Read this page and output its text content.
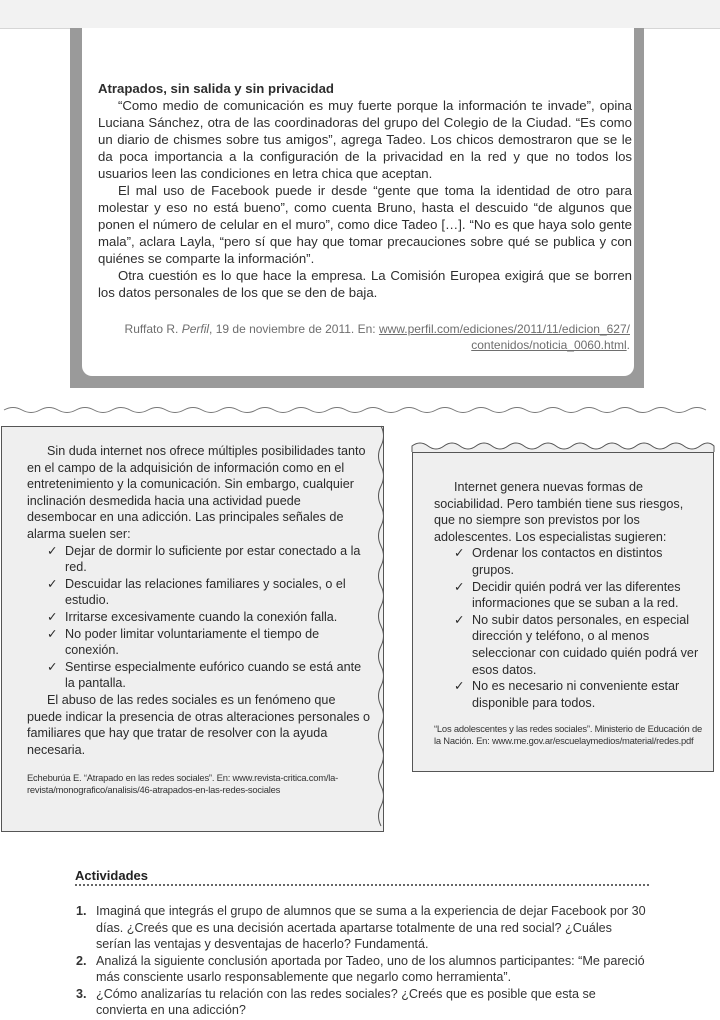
Atrapados, sin salida y sin privacidad

“Como medio de comunicación es muy fuerte porque la información te invade”, opina Luciana Sánchez, otra de las coordinadoras del grupo del Colegio de la Ciudad. “Es como un diario de chismes sobre tus amigos”, agrega Tadeo. Los chicos demostraron que se le da poca importancia a la configuración de la privacidad en la red y que no todos los usuarios leen las condiciones en letra chica que aceptan.

El mal uso de Facebook puede ir desde “gente que toma la identidad de otro para molestar y eso no está bueno”, como cuenta Bruno, hasta el descuido “de algunos que ponen el número de celular en el muro”, como dice Tadeo […]. “No es que haya solo gente mala”, aclara Layla, “pero sí que hay que tomar precauciones sobre qué se publica y con quiénes se comparte la información”.

Otra cuestión es lo que hace la empresa. La Comisión Europea exigirá que se borren los datos personales de los que se den de baja.

Ruffato R. Perfil, 19 de noviembre de 2011. En: www.perfil.com/ediciones/2011/11/edicion_627/
contenidos/noticia_0060.html.

Sin duda internet nos ofrece múltiples posibilidades tanto en el campo de la adquisición de información como en el entretenimiento y la comunicación. Sin embargo, cualquier inclinación desmedida hacia una actividad puede desembocar en una adicción. Las principales señales de alarma suelen ser:

✓ Dejar de dormir lo suficiente por estar conectado a la red.
✓ Descuidar las relaciones familiares y sociales, o el estudio.
✓ Irritarse excesivamente cuando la conexión falla.
✓ No poder limitar voluntariamente el tiempo de conexión.
✓ Sentirse especialmente eufórico cuando se está ante la pantalla.

El abuso de las redes sociales es un fenómeno que puede indicar la presencia de otras alteraciones personales o familiares que hay que tratar de resolver con la ayuda necesaria.

Echeburúa E. “Atrapado en las redes sociales”. En: www.revista-critica.com/la-revista/monografico/analisis/46-atrapados-en-las-redes-sociales

Internet genera nuevas formas de sociabilidad. Pero también tiene sus riesgos, que no siempre son previstos por los adolescentes. Los especialistas sugieren:

✓ Ordenar los contactos en distintos grupos.
✓ Decidir quién podrá ver las diferentes informaciones que se suban a la red.
✓ No subir datos personales, en especial dirección y teléfono, o al menos seleccionar con cuidado quién podrá ver esos datos.
✓ No es necesario ni conveniente estar disponible para todos.

“Los adolescentes y las redes sociales”. Ministerio de Educación de la Nación. En: www.me.gov.ar/escuelaymedios/material/redes.pdf

Actividades
1. Imaginá que integrás el grupo de alumnos que se suma a la experiencia de dejar Facebook por 30 días. ¿Creés que es una decisión acertada apartarse totalmente de una red social? ¿Cuáles serían las ventajas y desventajas de hacerlo? Fundamentá.
2. Analizá la siguiente conclusión aportada por Tadeo, uno de los alumnos participantes: “Me pareció más consciente usarlo responsablemente que negarlo como herramienta”.
3. ¿Cómo analizarías tu relación con las redes sociales? ¿Creés que es posible que esta se convierta en una adicción?
